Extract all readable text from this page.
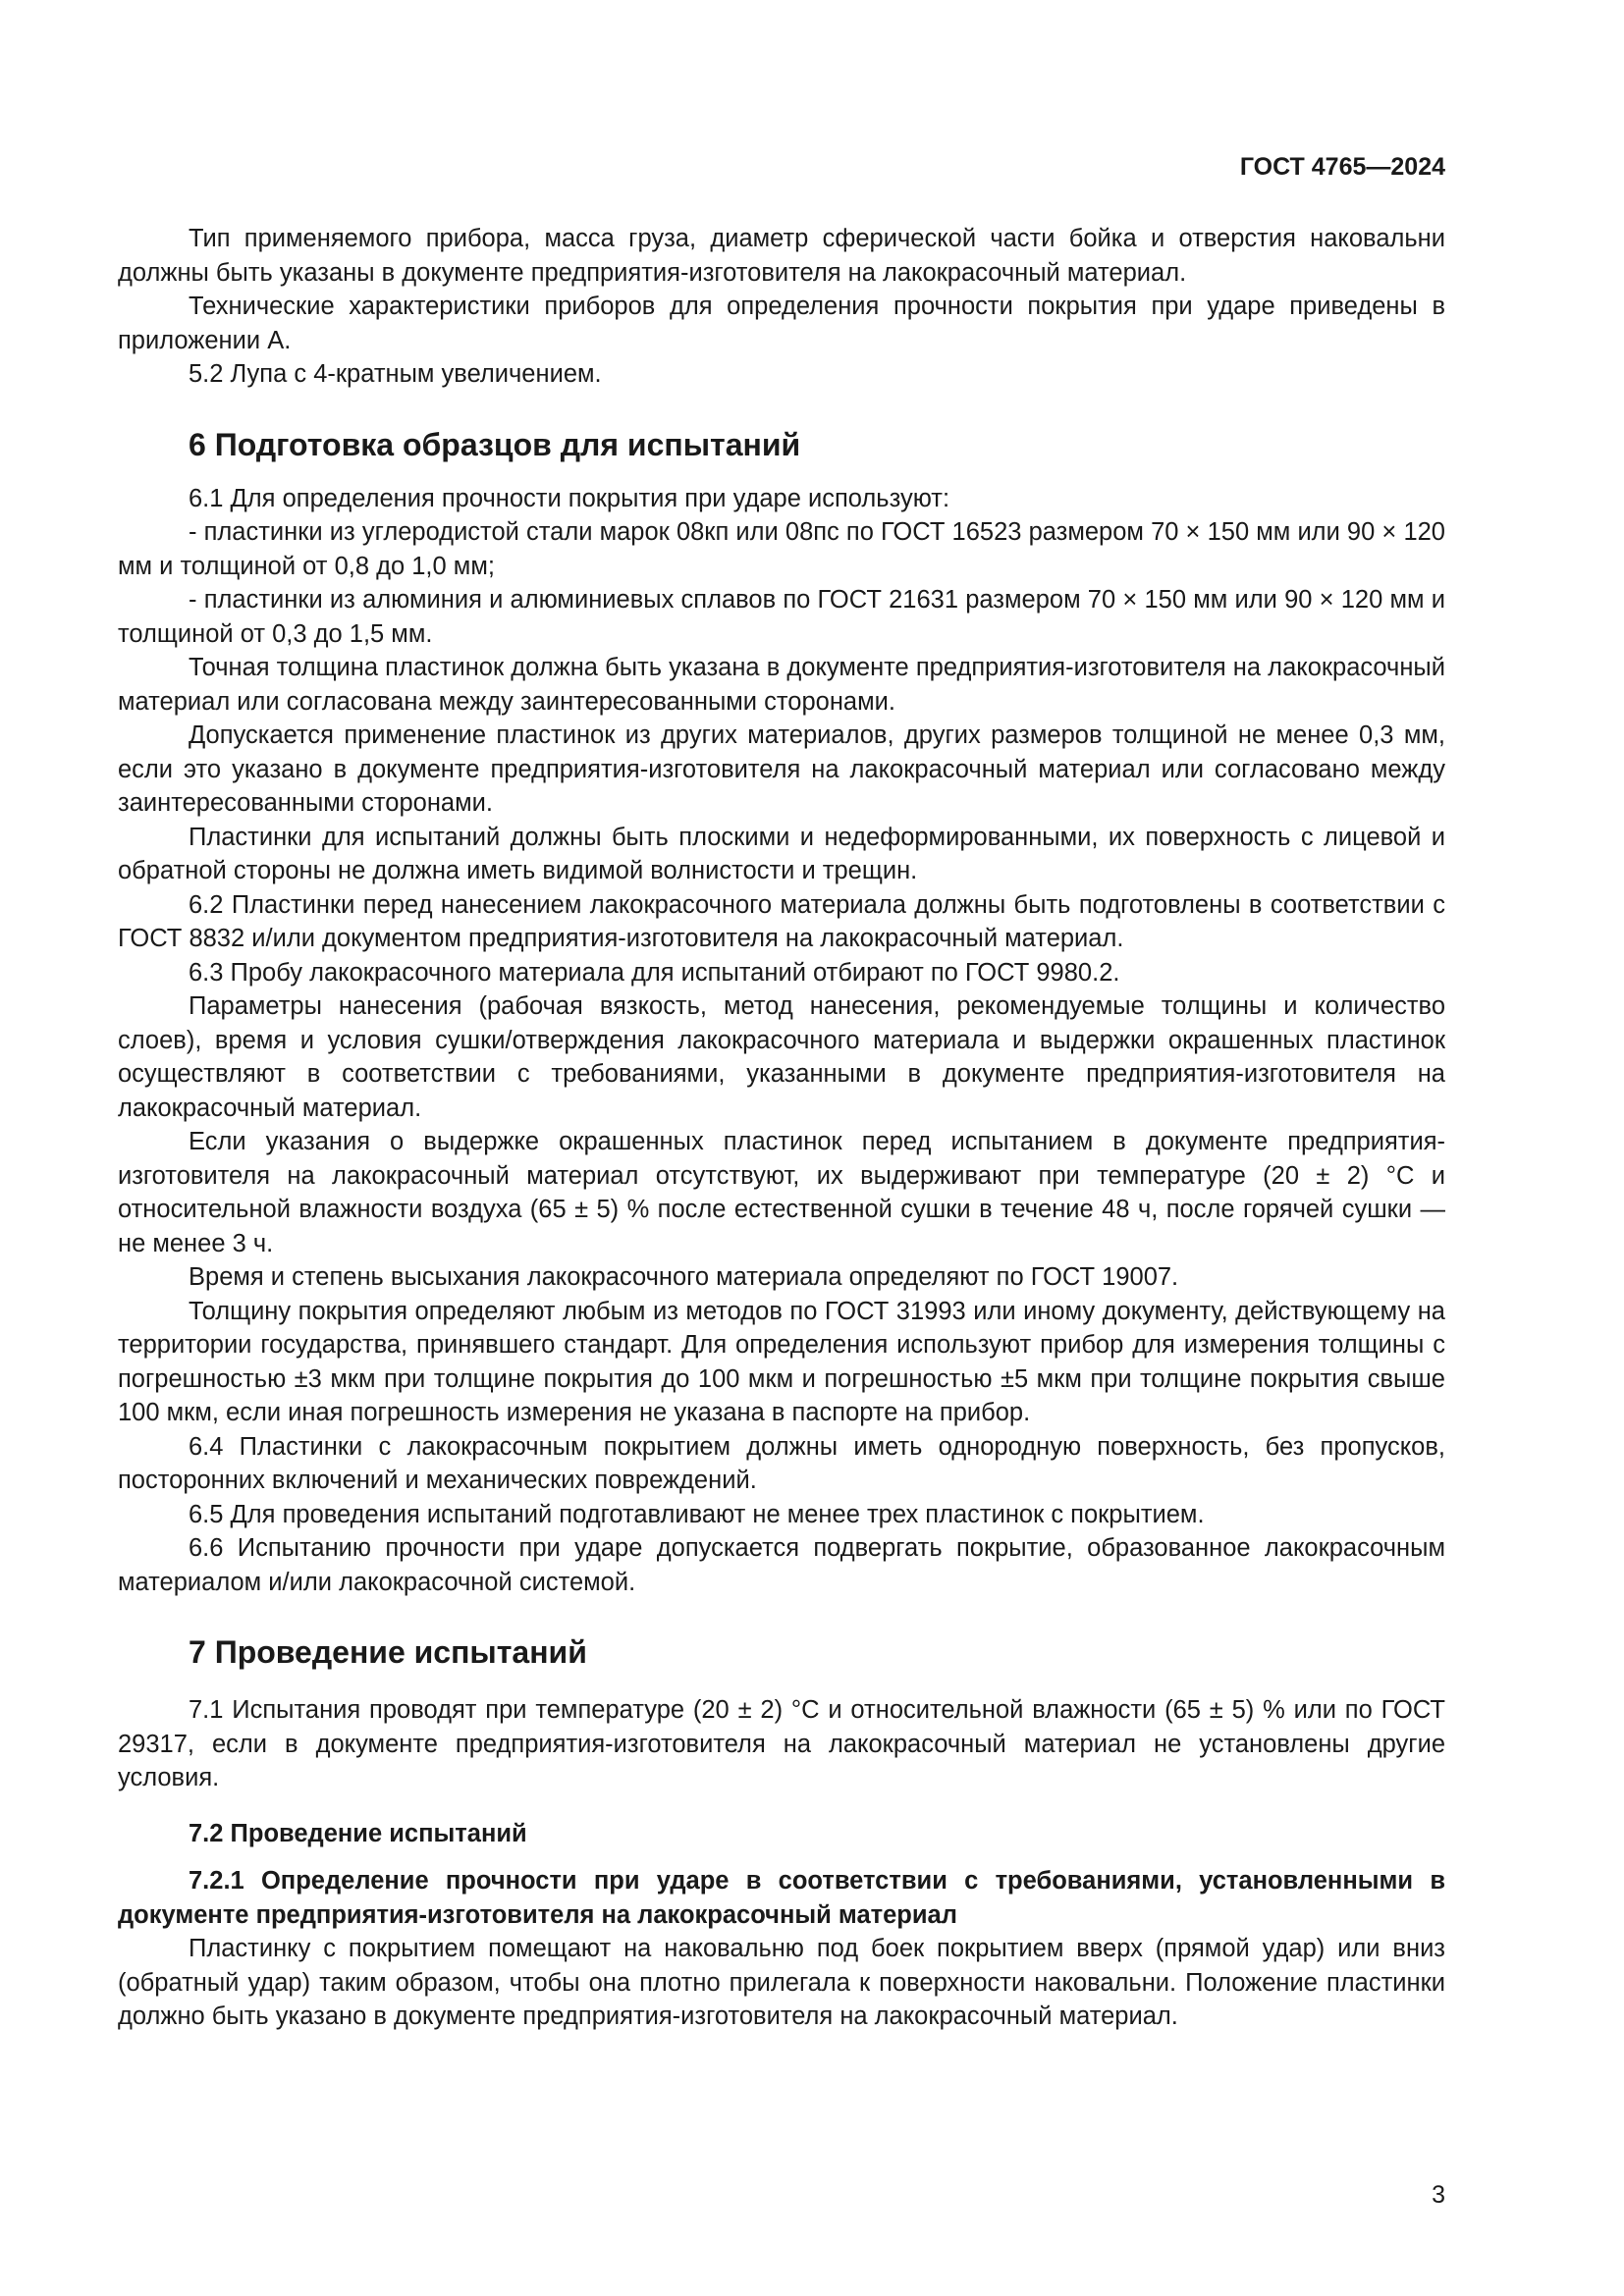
ГОСТ 4765—2024

Тип применяемого прибора, масса груза, диаметр сферической части бойка и отверстия наковальни должны быть указаны в документе предприятия-изготовителя на лакокрасочный материал.

Технические характеристики приборов для определения прочности покрытия при ударе приведены в приложении А.

5.2 Лупа с 4-кратным увеличением.

6 Подготовка образцов для испытаний

6.1 Для определения прочности покрытия при ударе используют:

- пластинки из углеродистой стали марок 08кп или 08пс по ГОСТ 16523 размером 70 × 150 мм или 90 × 120 мм и толщиной от 0,8 до 1,0 мм;

- пластинки из алюминия и алюминиевых сплавов по ГОСТ 21631 размером 70 × 150 мм или 90 × 120 мм и толщиной от 0,3 до 1,5 мм.

Точная толщина пластинок должна быть указана в документе предприятия-изготовителя на лакокрасочный материал или согласована между заинтересованными сторонами.

Допускается применение пластинок из других материалов, других размеров толщиной не менее 0,3 мм, если это указано в документе предприятия-изготовителя на лакокрасочный материал или согласовано между заинтересованными сторонами.

Пластинки для испытаний должны быть плоскими и недеформированными, их поверхность с лицевой и обратной стороны не должна иметь видимой волнистости и трещин.

6.2 Пластинки перед нанесением лакокрасочного материала должны быть подготовлены в соответствии с ГОСТ 8832 и/или документом предприятия-изготовителя на лакокрасочный материал.

6.3 Пробу лакокрасочного материала для испытаний отбирают по ГОСТ 9980.2.

Параметры нанесения (рабочая вязкость, метод нанесения, рекомендуемые толщины и количество слоев), время и условия сушки/отверждения лакокрасочного материала и выдержки окрашенных пластинок осуществляют в соответствии с требованиями, указанными в документе предприятия-изготовителя на лакокрасочный материал.

Если указания о выдержке окрашенных пластинок перед испытанием в документе предприятия-изготовителя на лакокрасочный материал отсутствуют, их выдерживают при температуре (20 ± 2) °С и относительной влажности воздуха (65 ± 5) % после естественной сушки в течение 48 ч, после горячей сушки — не менее 3 ч.

Время и степень высыхания лакокрасочного материала определяют по ГОСТ 19007.

Толщину покрытия определяют любым из методов по ГОСТ 31993 или иному документу, действующему на территории государства, принявшего стандарт. Для определения используют прибор для измерения толщины с погрешностью ±3 мкм при толщине покрытия до 100 мкм и погрешностью ±5 мкм при толщине покрытия свыше 100 мкм, если иная погрешность измерения не указана в паспорте на прибор.

6.4 Пластинки с лакокрасочным покрытием должны иметь однородную поверхность, без пропусков, посторонних включений и механических повреждений.

6.5 Для проведения испытаний подготавливают не менее трех пластинок с покрытием.

6.6 Испытанию прочности при ударе допускается подвергать покрытие, образованное лакокрасочным материалом и/или лакокрасочной системой.

7 Проведение испытаний

7.1 Испытания проводят при температуре (20 ± 2) °С и относительной влажности (65 ± 5) % или по ГОСТ 29317, если в документе предприятия-изготовителя на лакокрасочный материал не установлены другие условия.

7.2 Проведение испытаний
7.2.1 Определение прочности при ударе в соответствии с требованиями, установленными в документе предприятия-изготовителя на лакокрасочный материал

Пластинку с покрытием помещают на наковальню под боек покрытием вверх (прямой удар) или вниз (обратный удар) таким образом, чтобы она плотно прилегала к поверхности наковальни. Положение пластинки должно быть указано в документе предприятия-изготовителя на лакокрасочный материал.

3
